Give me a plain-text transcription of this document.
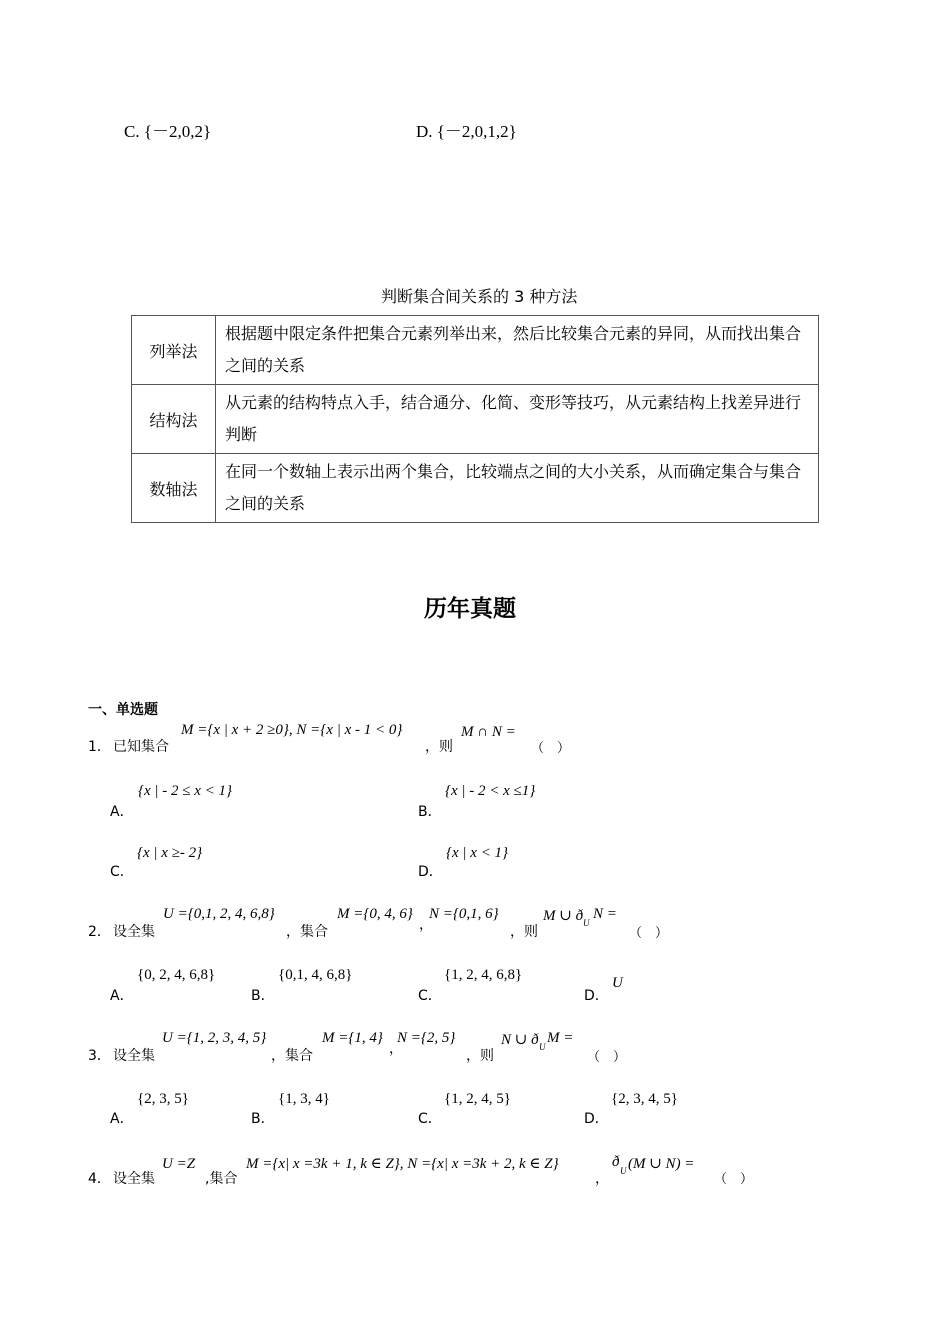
C. {－2,0,2}	D. {－2,0,1,2}
判断集合间关系的 3 种方法
列举法	根据题中限定条件把集合元素列举出来，然后比较集合元素的异同，从而找出集合之间的关系
结构法	从元素的结构特点入手，结合通分、化简、变形等技巧，从元素结构上找差异进行判断
数轴法	在同一个数轴上表示出两个集合，比较端点之间的大小关系，从而确定集合与集合之间的关系
历年真题
一、单选题
1． 已知集合
M ={x | x + 2 ≥0}, N ={x | x - 1 < 0}
，则
M ∩ N =
（　）
A．
{x | - 2 ≤ x < 1}
B．
{x | - 2 < x ≤1}
C．
{x | x ≥- 2}
D．
{x | x < 1}
2． 设全集
U ={0,1, 2, 4, 6,8}
，集合
M ={0, 4, 6}
，
N ={0,1, 6}
，则
M ∪ ð U
N =
（　）
A．
{0, 2, 4, 6,8}
B．
{0,1, 4, 6,8}
C．
{1, 2, 4, 6,8}
D．
U
3． 设全集
U ={1, 2, 3, 4, 5}
，集合
M ={1, 4}
，
N ={2, 5}
，则
N ∪ ð U
M =
（　）
A．
{2, 3, 5}
B．
{1, 3, 4}
C．
{1, 2, 4, 5}
D．
{2, 3, 4, 5}
4． 设全集
U =Z
,集合
M ={x| x =3k + 1, k ∈ Z}, N ={x| x =3k + 2, k ∈ Z}
，
ð
U (M ∪ N) =
（　）
